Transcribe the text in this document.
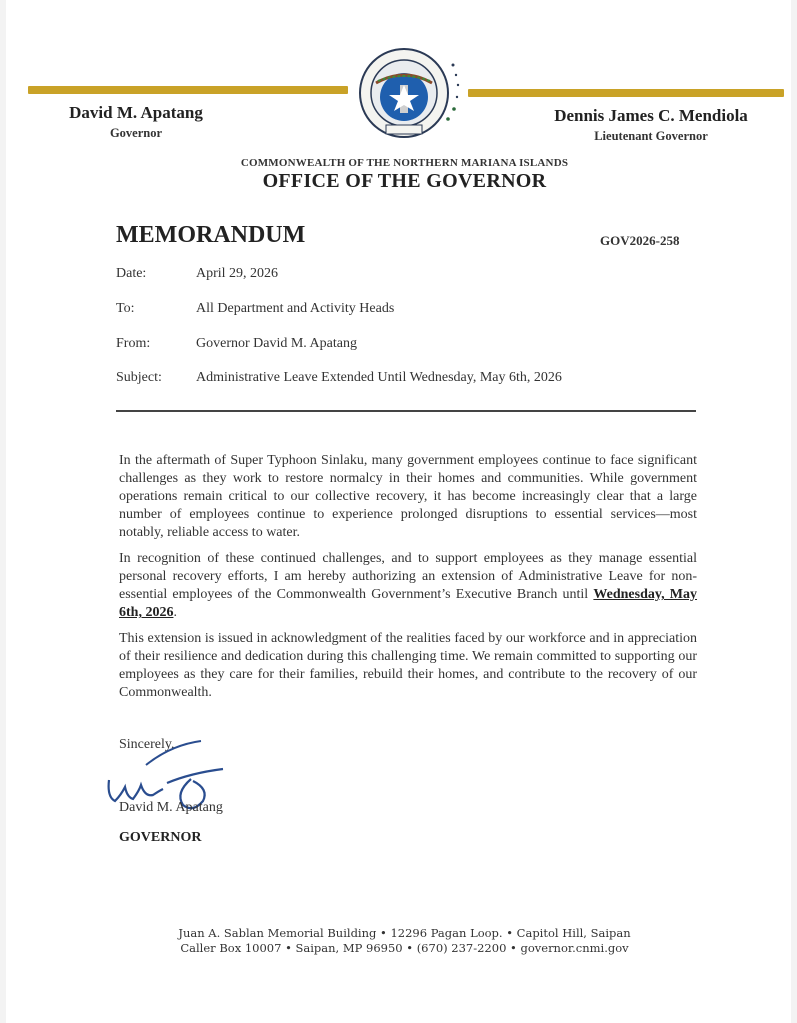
David M. Apatang
Governor
Dennis James C. Mendiola
Lieutenant Governor
COMMONWEALTH OF THE NORTHERN MARIANA ISLANDS
OFFICE OF THE GOVERNOR
MEMORANDUM	GOV2026-258
Date:	April 29, 2026
To:	All Department and Activity Heads
From:	Governor David M. Apatang
Subject: Administrative Leave Extended Until Wednesday, May 6th, 2026
In the aftermath of Super Typhoon Sinlaku, many government employees continue to face significant challenges as they work to restore normalcy in their homes and communities. While government operations remain critical to our collective recovery, it has become increasingly clear that a large number of employees continue to experience prolonged disruptions to essential services—most notably, reliable access to water.
In recognition of these continued challenges, and to support employees as they manage essential personal recovery efforts, I am hereby authorizing an extension of Administrative Leave for non-essential employees of the Commonwealth Government’s Executive Branch until Wednesday, May 6th, 2026.
This extension is issued in acknowledgment of the realities faced by our workforce and in appreciation of their resilience and dedication during this challenging time. We remain committed to supporting our employees as they care for their families, rebuild their homes, and contribute to the recovery of our Commonwealth.
Sincerely,
David M. Apatang
GOVERNOR
Juan A. Sablan Memorial Building • 12296 Pagan Loop. • Capitol Hill, Saipan
Caller Box 10007 • Saipan, MP 96950 • (670) 237-2200 • governor.cnmi.gov
